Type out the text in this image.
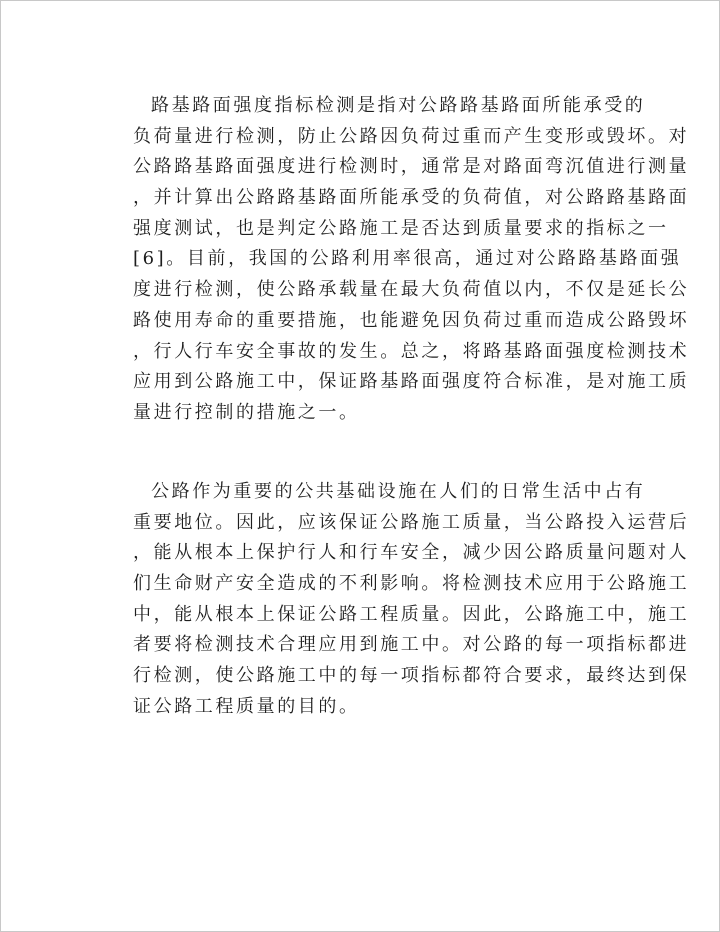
路基路面强度指标检测是指对公路路基路面所能承受的
负荷量进行检测，防止公路因负荷过重而产生变形或毁坏。对
公路路基路面强度进行检测时，通常是对路面弯沉值进行测量
，并计算出公路路基路面所能承受的负荷值，对公路路基路面
强度测试，也是判定公路施工是否达到质量要求的指标之一
[6]。目前，我国的公路利用率很高，通过对公路路基路面强
度进行检测，使公路承载量在最大负荷值以内，不仅是延长公
路使用寿命的重要措施，也能避免因负荷过重而造成公路毁坏
，行人行车安全事故的发生。总之，将路基路面强度检测技术
应用到公路施工中，保证路基路面强度符合标准，是对施工质
量进行控制的措施之一。
公路作为重要的公共基础设施在人们的日常生活中占有
重要地位。因此，应该保证公路施工质量，当公路投入运营后
，能从根本上保护行人和行车安全，减少因公路质量问题对人
们生命财产安全造成的不利影响。将检测技术应用于公路施工
中，能从根本上保证公路工程质量。因此，公路施工中，施工
者要将检测技术合理应用到施工中。对公路的每一项指标都进
行检测，使公路施工中的每一项指标都符合要求，最终达到保
证公路工程质量的目的。
